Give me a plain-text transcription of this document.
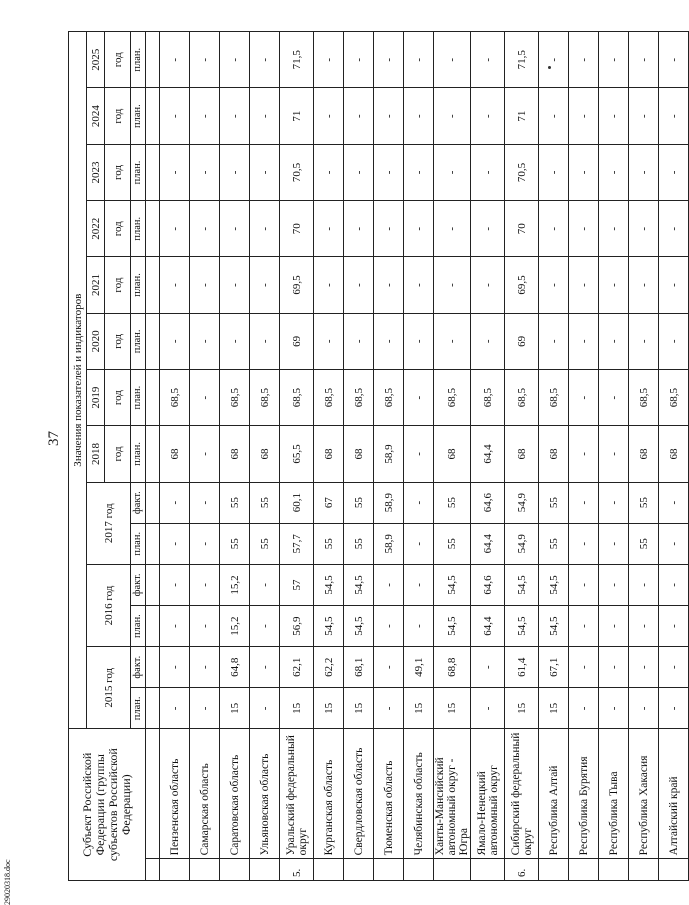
37
29020318.doc
Субъект Российской Федерации (группы субъектов Российской Федерации)		Значения показателей и индикаторов													
		2015 год		2016 год		2017 год		2018	2019	2020	2021	2022	2023	2024	2025
								год	год	год	год	год	год	год	год
		план.	факт.	план.	факт.	план.	факт.	план.	план.	план.	план.	план.	план.	план.	план.

	Пензенская область	-	-	-	-	-	-	68	68,5	-	-	-	-	-	-
	Самарская область	-	-	-	-	-	-	-	-	-	-	-	-	-	-
	Саратовская область	15	64,8	15,2	15,2	55	55	68	68,5	-	-	-	-	-	-
	Ульяновская область	-	-	-	-	55	55	68	68,5	-	-	-	-	-	-
5.	Уральский федеральный округ	15	62,1	56,9	57	57,7	60,1	65,5	68,5	69	69,5	70	70,5	71	71,5
	Курганская область	15	62,2	54,5	54,5	55	67	68	68,5	-	-	-	-	-	-
	Свердловская область	15	68,1	54,5	54,5	55	55	68	68,5	-	-	-	-	-	-
	Тюменская область	-	-	-	-	58,9	58,9	58,9	68,5	-	-	-	-	-	-
	Челябинская область	15	49,1	-	-	-	-	-	-	-	-	-	-	-	-
	Ханты-Мансийский автономный округ - Югра	15	68,8	54,5	54,5	55	55	68	68,5	-	-	-	-	-	-
	Ямало-Ненецкий автономный округ	-	-	64,4	64,6	64,4	64,6	64,4	68,5	-	-	-	-	-	-
6.	Сибирский федеральный округ	15	61,4	54,5	54,5	54,9	54,9	68	68,5	69	69,5	70	70,5	71	71,5
	Республика Алтай	15	67,1	54,5	54,5	55	55	68	68,5	-	-	-	-	-	-
	Республика Бурятия	-	-	-	-	-	-	-	-	-	-	-	-	-	-
	Республика Тыва	-	-	-	-	-	-	-	-	-	-	-	-	-	-
	Республика Хакасия	-	-	-	-	55	55	68	68,5	-	-	-	-	-	-
	Алтайский край	-	-	-	-	-	-	68	68,5	-	-	-	-	-	-
